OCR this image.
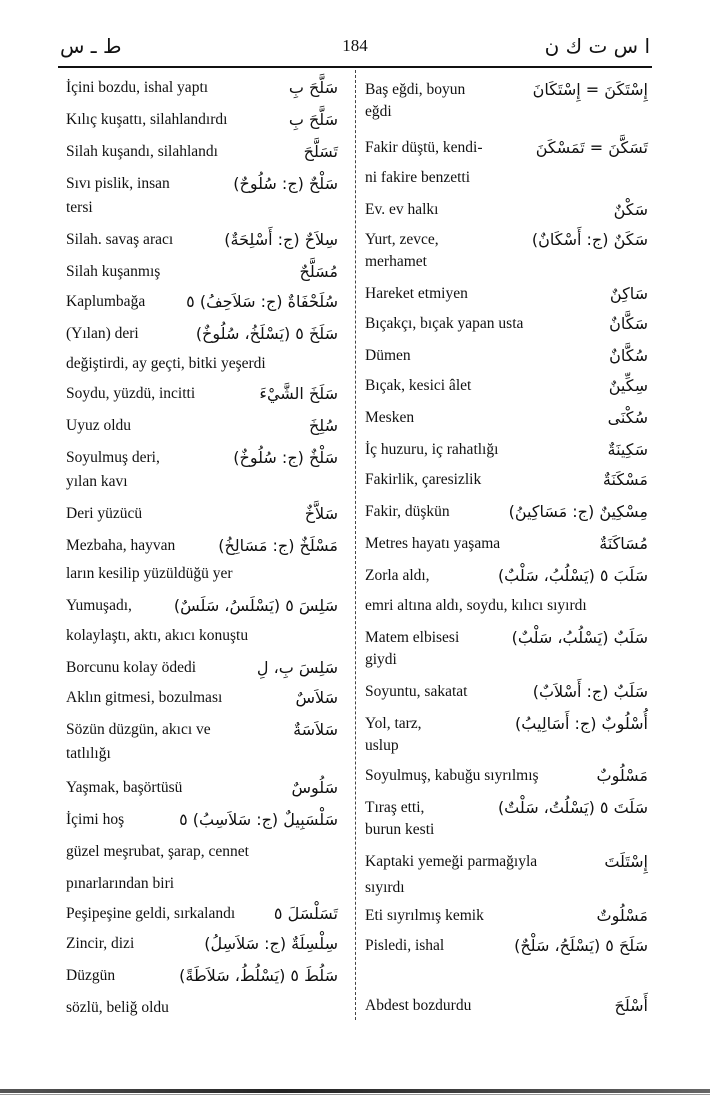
ط ـ س	184	ا س ت ك ن
İçini bozdu, ishal yaptı	سَلَّحَ بِ
Kılıç kuşattı, silahlandırdı	سَلَّحَ بِ
Silah kuşandı, silahlandı	تَسَلَّحَ
Sıvı pislik, insan	سَلْحٌ (ج: سُلُوحٌ)
tersi
Silah. savaş aracı	سِلاَحٌ (ج: أَسْلِحَةٌ)
Silah kuşanmış	مُسَلَّحٌ
Kaplumbağa	سُلَحْفَاةٌ (ج: سَلاَحِفُ) ٥
(Yılan) deri	سَلَخَ ٥ (يَسْلَخُ، سُلُوخٌ)
değiştirdi, ay geçti, bitki yeşerdi
Soydu, yüzdü, incitti	سَلَخَ الشَّيْءَ
Uyuz oldu	سُلِخَ
Soyulmuş deri,	سَلْخٌ (ج: سُلُوخٌ)
yılan kavı
Deri yüzücü	سَلاَّخٌ
Mezbaha, hayvan	مَسْلَخٌ (ج: مَسَالِخُ)
ların kesilip yüzüldüğü yer
Yumuşadı,	سَلِسَ ٥ (يَسْلَسُ، سَلَسٌ)
kolaylaştı, aktı, akıcı konuştu
Borcunu kolay ödedi	سَلِسَ بِ، لِ
Aklın gitmesi, bozulması	سَلاَسٌ
Sözün düzgün, akıcı ve	سَلاَسَةٌ
tatlılığı
Yaşmak, başörtüsü	سَلُوسٌ
İçimi hoş	سَلْسَبِيلٌ (ج: سَلاَسِبُ) ٥
güzel meşrubat, şarap, cennet
pınarlarından biri
Peşipeşine geldi, sırkalandı تَسَلْسَلَ ٥
Zincir, dizi	سِلْسِلَةٌ (ج: سَلاَسِلُ)
Düzgün	سَلُطَ ٥ (يَسْلُطُ، سَلاَطَةً)
sözlü, beliğ oldu
Baş eğdi, boyun	إِسْتَكَنَ = إِسْتَكَانَ
eğdi
Fakir düştü, kendi-	تَسَكَّنَ = تَمَسْكَنَ
ni fakire benzetti
Ev. ev halkı	سَكْنٌ
Yurt, zevce,	سَكَنٌ (ج: أَسْكَانٌ)
merhamet
Hareket etmiyen	سَاكِنٌ
Bıçakçı, bıçak yapan usta	سَكَّانٌ
Dümen	سُكَّانٌ
Bıçak, kesici âlet	سِكِّينٌ
Mesken	سُكْنَى
İç huzuru, iç rahatlığı	سَكِينَةٌ
Fakirlik, çaresizlik	مَسْكَنَةٌ
Fakir, düşkün	مِسْكِينٌ (ج: مَسَاكِينُ)
Metres hayatı yaşama	مُسَاكَنَةٌ
Zorla aldı,	سَلَبَ ٥ (يَسْلُبُ، سَلْبٌ)
emri altına aldı, soydu, kılıcı sıyırdı
Matem elbisesi	سَلَبٌ (يَسْلُبُ، سَلْبٌ)
giydi
Soyuntu, sakatat	سَلَبٌ (ج: أَسْلاَبٌ)
Yol, tarz,	أُسْلُوبٌ (ج: أَسَالِيبُ)
uslup
Soyulmuş, kabuğu sıyrılmış	مَسْلُوبٌ
Tıraş etti,	سَلَتَ ٥ (يَسْلُتُ، سَلْتٌ)
burun kesti
Kaptaki yemeği parmağıyla	إِسْتَلَتَ
sıyırdı
Eti sıyrılmış kemik	مَسْلُوتٌ
Pisledi, ishal	سَلَحَ ٥ (يَسْلَحُ، سَلْحٌ)
Abdest bozdurdu	أَسْلَحَ
